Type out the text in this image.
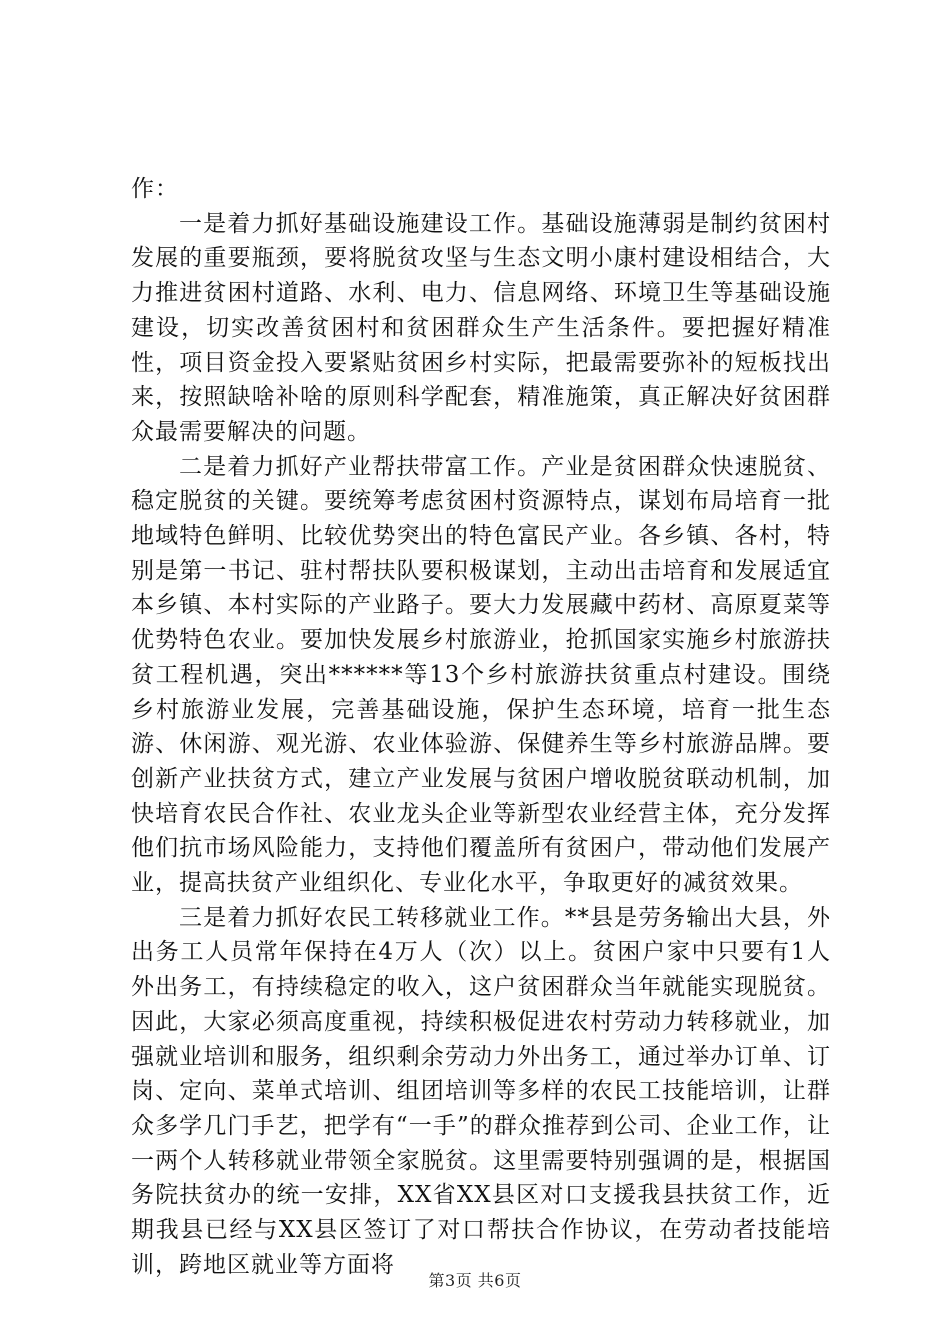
作：

一是着力抓好基础设施建设工作。基础设施薄弱是制约贫困村发展的重要瓶颈，要将脱贫攻坚与生态文明小康村建设相结合，大力推进贫困村道路、水利、电力、信息网络、环境卫生等基础设施建设，切实改善贫困村和贫困群众生产生活条件。要把握好精准性，项目资金投入要紧贴贫困乡村实际，把最需要弥补的短板找出来，按照缺啥补啥的原则科学配套，精准施策，真正解决好贫困群众最需要解决的问题。

二是着力抓好产业帮扶带富工作。产业是贫困群众快速脱贫、稳定脱贫的关键。要统筹考虑贫困村资源特点，谋划布局培育一批地域特色鲜明、比较优势突出的特色富民产业。各乡镇、各村，特别是第一书记、驻村帮扶队要积极谋划，主动出击培育和发展适宜本乡镇、本村实际的产业路子。要大力发展藏中药材、高原夏菜等优势特色农业。要加快发展乡村旅游业，抢抓国家实施乡村旅游扶贫工程机遇，突出******等13个乡村旅游扶贫重点村建设。围绕乡村旅游业发展，完善基础设施，保护生态环境，培育一批生态游、休闲游、观光游、农业体验游、保健养生等乡村旅游品牌。要创新产业扶贫方式，建立产业发展与贫困户增收脱贫联动机制，加快培育农民合作社、农业龙头企业等新型农业经营主体，充分发挥他们抗市场风险能力，支持他们覆盖所有贫困户，带动他们发展产业，提高扶贫产业组织化、专业化水平，争取更好的减贫效果。

三是着力抓好农民工转移就业工作。**县是劳务输出大县，外出务工人员常年保持在4万人（次）以上。贫困户家中只要有1人外出务工，有持续稳定的收入，这户贫困群众当年就能实现脱贫。因此，大家必须高度重视，持续积极促进农村劳动力转移就业，加强就业培训和服务，组织剩余劳动力外出务工，通过举办订单、订岗、定向、菜单式培训、组团培训等多样的农民工技能培训，让群众多学几门手艺，把学有“一手”的群众推荐到公司、企业工作，让一两个人转移就业带领全家脱贫。这里需要特别强调的是，根据国务院扶贫办的统一安排，XX省XX县区对口支援我县扶贫工作，近期我县已经与XX县区签订了对口帮扶合作协议，在劳动者技能培训，跨地区就业等方面将

第3页 共6页
